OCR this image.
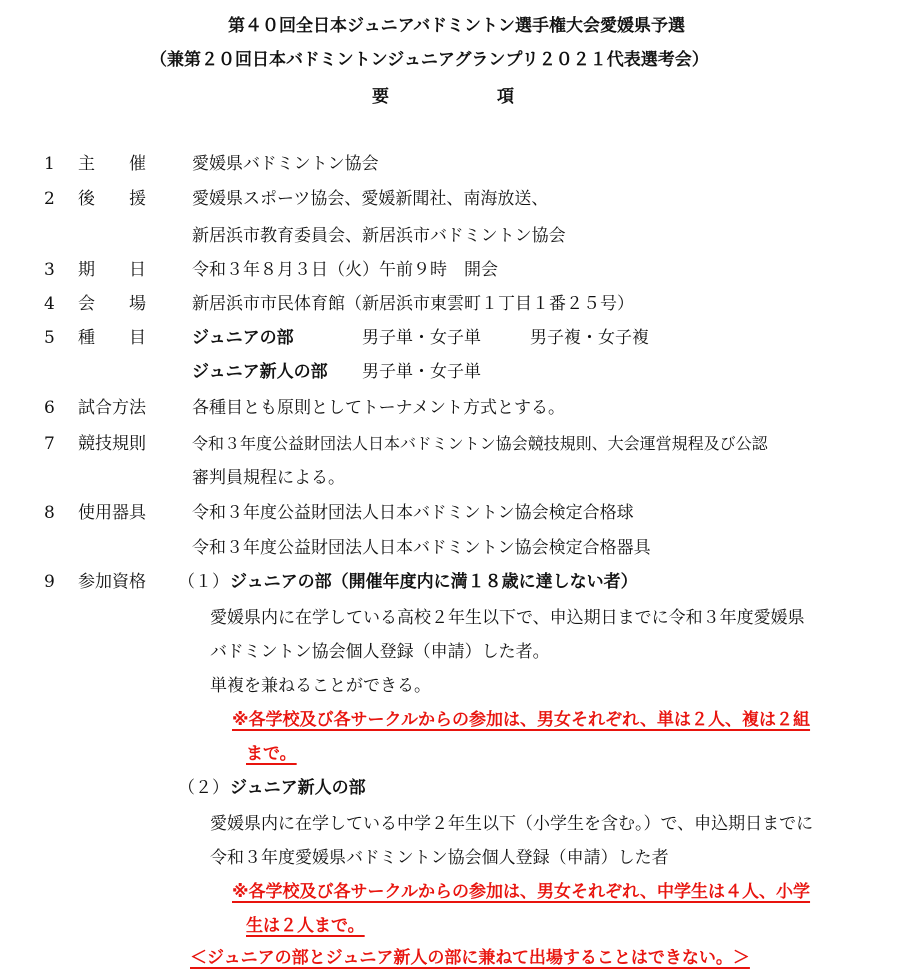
第４０回全日本ジュニアバドミントン選手権大会愛媛県予選
（兼第２０回日本バドミントンジュニアグランプリ２０２１代表選考会）
要	項
1 主　　催	愛媛県バドミントン協会
2 後　　援	愛媛県スポーツ協会、愛媛新聞社、南海放送、
新居浜市教育委員会、新居浜市バドミントン協会
3 期　　日	令和３年８月３日（火）午前９時　開会
4 会　　場	新居浜市市民体育館（新居浜市東雲町１丁目１番２５号）
5 種　　目	ジュニアの部	男子単・女子単	男子複・女子複
ジュニア新人の部 男子単・女子単
6 試合方法	各種目とも原則としてトーナメント方式とする。
7 競技規則	令和３年度公益財団法人日本バドミントン協会競技規則、大会運営規程及び公認
審判員規程による。
8 使用器具	令和３年度公益財団法人日本バドミントン協会検定合格球
令和３年度公益財団法人日本バドミントン協会検定合格器具
9 参加資格 （１） ジュニアの部（開催年度内に満１８歳に達しない者）
愛媛県内に在学している高校２年生以下で、申込期日までに令和３年度愛媛県
バドミントン協会個人登録（申請）した者。
単複を兼ねることができる。
※各学校及び各サークルからの参加は、男女それぞれ、単は２人、複は２組
まで。
（２） ジュニア新人の部
愛媛県内に在学している中学２年生以下（小学生を含む。）で、申込期日までに
令和３年度愛媛県バドミントン協会個人登録（申請）した者
※各学校及び各サークルからの参加は、男女それぞれ、中学生は４人、小学
生は２人まで。
＜ジュニアの部とジュニア新人の部に兼ねて出場することはできない。＞
